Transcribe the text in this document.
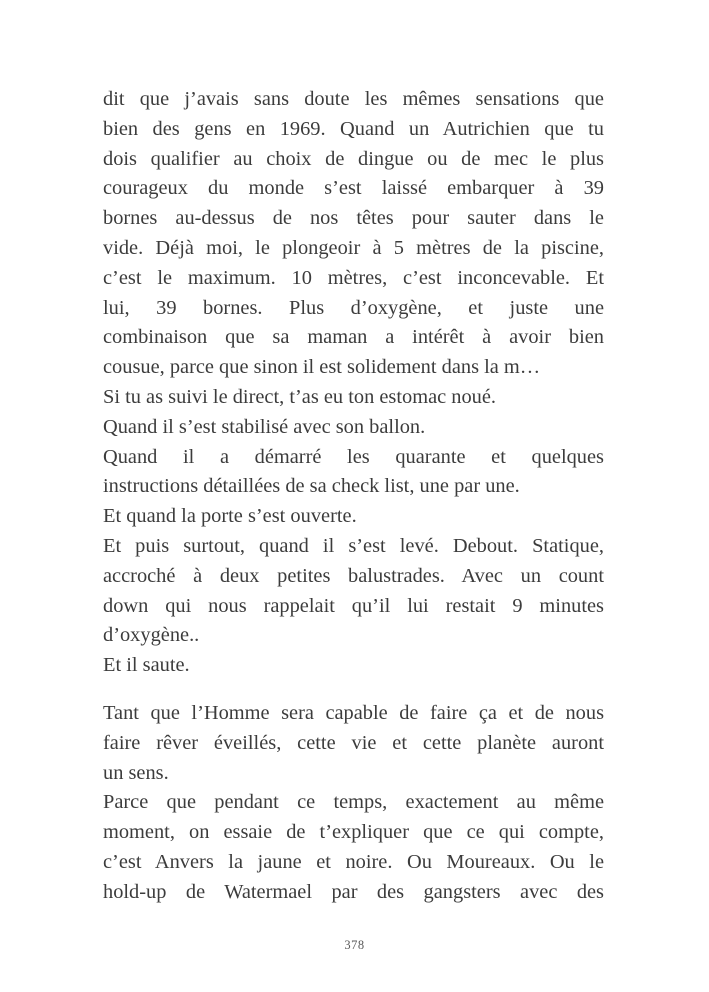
dit que j’avais sans doute les mêmes sensations que
bien des gens en 1969. Quand un Autrichien que tu
dois qualifier au choix de dingue ou de mec le plus
courageux du monde s’est laissé embarquer à 39
bornes au-dessus de nos têtes pour sauter dans le
vide. Déjà moi, le plongeoir à 5 mètres de la piscine,
c’est le maximum. 10 mètres, c’est inconcevable. Et
lui, 39 bornes. Plus d’oxygène, et juste une
combinaison que sa maman a intérêt à avoir bien
cousue, parce que sinon il est solidement dans la m…
Si tu as suivi le direct, t’as eu ton estomac noué.
Quand il s’est stabilisé avec son ballon.
Quand il a démarré les quarante et quelques
instructions détaillées de sa check list, une par une.
Et quand la porte s’est ouverte.
Et puis surtout, quand il s’est levé. Debout. Statique,
accroché à deux petites balustrades. Avec un count
down qui nous rappelait qu’il lui restait 9 minutes
d’oxygène..
Et il saute.
Tant que l’Homme sera capable de faire ça et de nous
faire rêver éveillés, cette vie et cette planète auront
un sens.
Parce que pendant ce temps, exactement au même
moment, on essaie de t’expliquer que ce qui compte,
c’est Anvers la jaune et noire. Ou Moureaux. Ou le
hold-up de Watermael par des gangsters avec des
378
